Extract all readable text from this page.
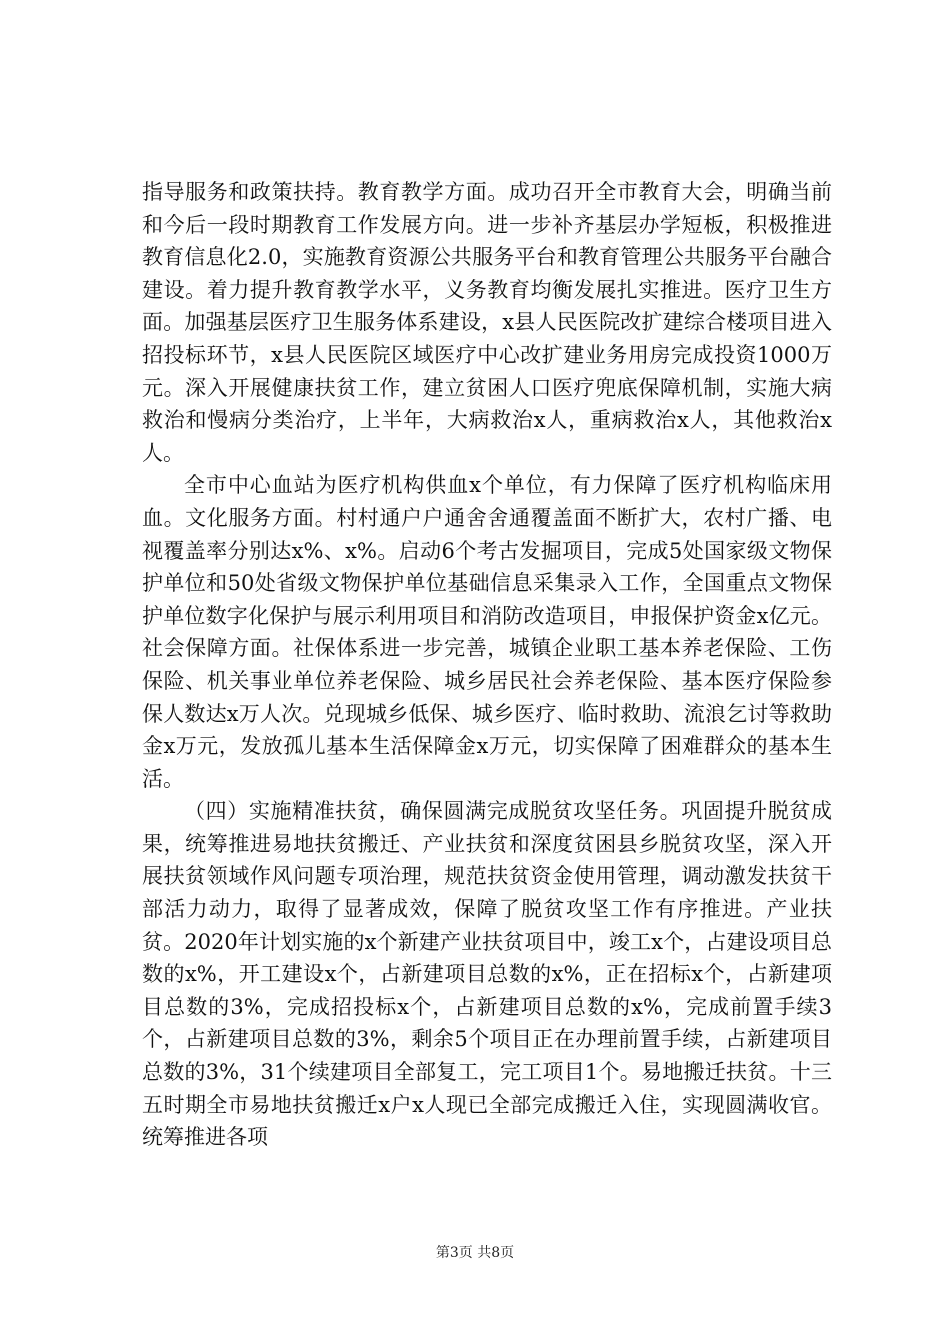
指导服务和政策扶持。教育教学方面。成功召开全市教育大会，明确当前和今后一段时期教育工作发展方向。进一步补齐基层办学短板，积极推进教育信息化2.0，实施教育资源公共服务平台和教育管理公共服务平台融合建设。着力提升教育教学水平，义务教育均衡发展扎实推进。医疗卫生方面。加强基层医疗卫生服务体系建设，x县人民医院改扩建综合楼项目进入招投标环节，x县人民医院区域医疗中心改扩建业务用房完成投资1000万元。深入开展健康扶贫工作，建立贫困人口医疗兜底保障机制，实施大病救治和慢病分类治疗，上半年，大病救治x人，重病救治x人，其他救治x人。

全市中心血站为医疗机构供血x个单位，有力保障了医疗机构临床用血。文化服务方面。村村通户户通舍舍通覆盖面不断扩大，农村广播、电视覆盖率分别达x%、x%。启动6个考古发掘项目，完成5处国家级文物保护单位和50处省级文物保护单位基础信息采集录入工作，全国重点文物保护单位数字化保护与展示利用项目和消防改造项目，申报保护资金x亿元。社会保障方面。社保体系进一步完善，城镇企业职工基本养老保险、工伤保险、机关事业单位养老保险、城乡居民社会养老保险、基本医疗保险参保人数达x万人次。兑现城乡低保、城乡医疗、临时救助、流浪乞讨等救助金x万元，发放孤儿基本生活保障金x万元，切实保障了困难群众的基本生活。

（四）实施精准扶贫，确保圆满完成脱贫攻坚任务。巩固提升脱贫成果，统筹推进易地扶贫搬迁、产业扶贫和深度贫困县乡脱贫攻坚，深入开展扶贫领域作风问题专项治理，规范扶贫资金使用管理，调动激发扶贫干部活力动力，取得了显著成效，保障了脱贫攻坚工作有序推进。产业扶贫。2020年计划实施的x个新建产业扶贫项目中，竣工x个，占建设项目总数的x%，开工建设x个，占新建项目总数的x%，正在招标x个，占新建项目总数的3%，完成招投标x个，占新建项目总数的x%，完成前置手续3个，占新建项目总数的3%，剩余5个项目正在办理前置手续，占新建项目总数的3%，31个续建项目全部复工，完工项目1个。易地搬迁扶贫。十三五时期全市易地扶贫搬迁x户x人现已全部完成搬迁入住，实现圆满收官。统筹推进各项

第3页 共8页
